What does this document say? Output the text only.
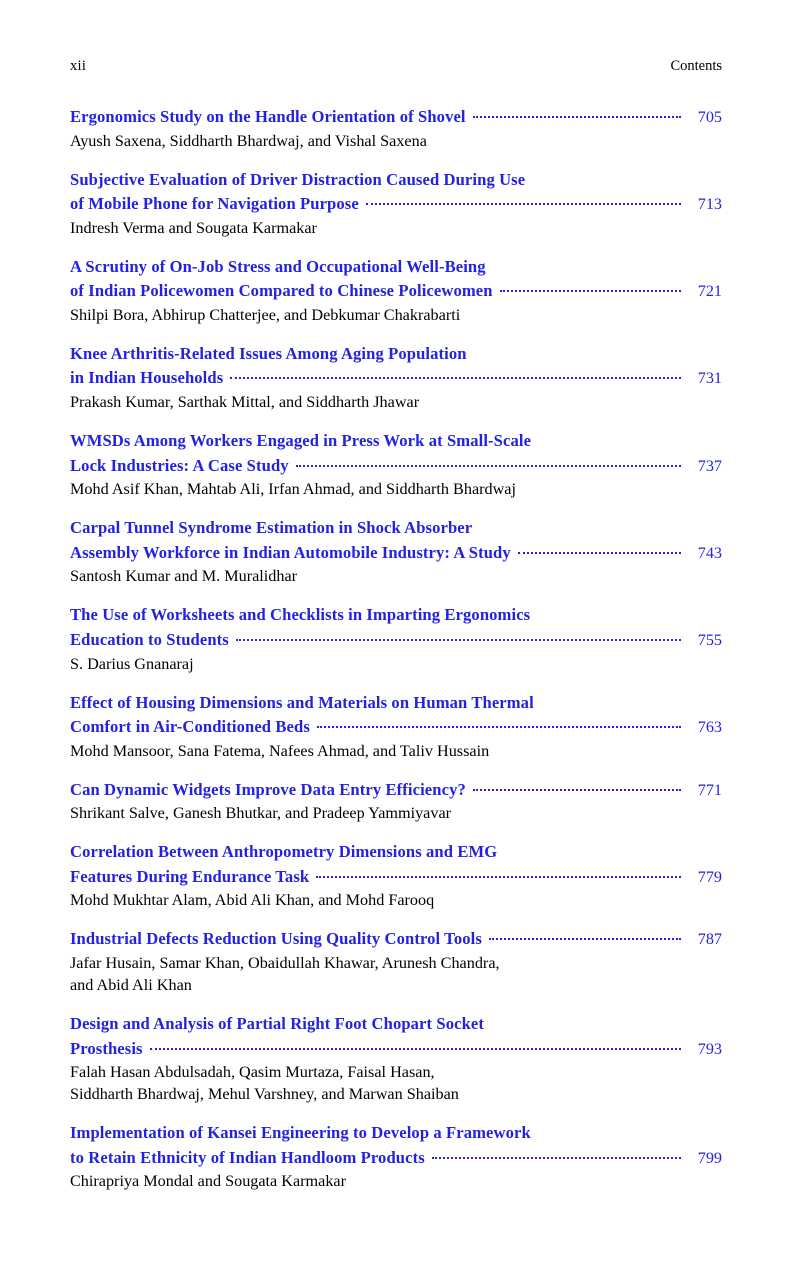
xii	Contents
Ergonomics Study on the Handle Orientation of Shovel	705
Ayush Saxena, Siddharth Bhardwaj, and Vishal Saxena
Subjective Evaluation of Driver Distraction Caused During Use
of Mobile Phone for Navigation Purpose	713
Indresh Verma and Sougata Karmakar
A Scrutiny of On-Job Stress and Occupational Well-Being
of Indian Policewomen Compared to Chinese Policewomen	721
Shilpi Bora, Abhirup Chatterjee, and Debkumar Chakrabarti
Knee Arthritis-Related Issues Among Aging Population
in Indian Households	731
Prakash Kumar, Sarthak Mittal, and Siddharth Jhawar
WMSDs Among Workers Engaged in Press Work at Small-Scale
Lock Industries: A Case Study	737
Mohd Asif Khan, Mahtab Ali, Irfan Ahmad, and Siddharth Bhardwaj
Carpal Tunnel Syndrome Estimation in Shock Absorber
Assembly Workforce in Indian Automobile Industry: A Study	743
Santosh Kumar and M. Muralidhar
The Use of Worksheets and Checklists in Imparting Ergonomics
Education to Students	755
S. Darius Gnanaraj
Effect of Housing Dimensions and Materials on Human Thermal
Comfort in Air-Conditioned Beds	763
Mohd Mansoor, Sana Fatema, Nafees Ahmad, and Taliv Hussain
Can Dynamic Widgets Improve Data Entry Efficiency?	771
Shrikant Salve, Ganesh Bhutkar, and Pradeep Yammiyavar
Correlation Between Anthropometry Dimensions and EMG
Features During Endurance Task	779
Mohd Mukhtar Alam, Abid Ali Khan, and Mohd Farooq
Industrial Defects Reduction Using Quality Control Tools	787
Jafar Husain, Samar Khan, Obaidullah Khawar, Arunesh Chandra,
and Abid Ali Khan
Design and Analysis of Partial Right Foot Chopart Socket
Prosthesis	793
Falah Hasan Abdulsadah, Qasim Murtaza, Faisal Hasan,
Siddharth Bhardwaj, Mehul Varshney, and Marwan Shaiban
Implementation of Kansei Engineering to Develop a Framework
to Retain Ethnicity of Indian Handloom Products	799
Chirapriya Mondal and Sougata Karmakar
